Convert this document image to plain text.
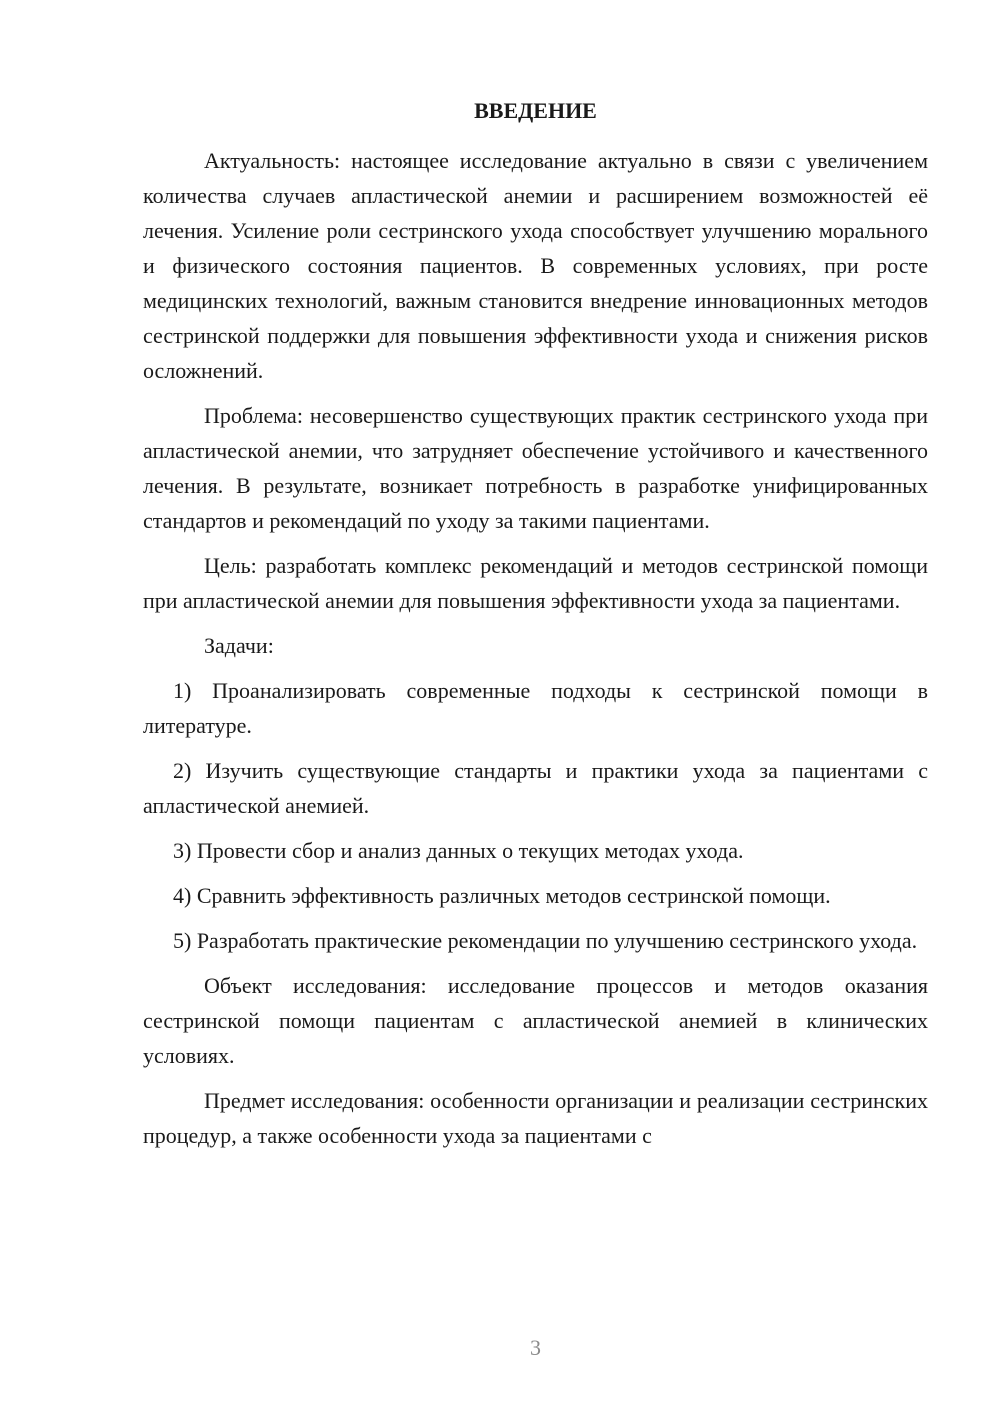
ВВЕДЕНИЕ

Актуальность: настоящее исследование актуально в связи с увеличением количества случаев апластической анемии и расширением возможностей её лечения. Усиление роли сестринского ухода способствует улучшению морального и физического состояния пациентов. В современных условиях, при росте медицинских технологий, важным становится внедрение инновационных методов сестринской поддержки для повышения эффективности ухода и снижения рисков осложнений.

Проблема: несовершенство существующих практик сестринского ухода при апластической анемии, что затрудняет обеспечение устойчивого и качественного лечения. В результате, возникает потребность в разработке унифицированных стандартов и рекомендаций по уходу за такими пациентами.

Цель: разработать комплекс рекомендаций и методов сестринской помощи при апластической анемии для повышения эффективности ухода за пациентами.

Задачи:

1) Проанализировать современные подходы к сестринской помощи в литературе.

2) Изучить существующие стандарты и практики ухода за пациентами с апластической анемией.

3) Провести сбор и анализ данных о текущих методах ухода.

4) Сравнить эффективность различных методов сестринской помощи.

5) Разработать практические рекомендации по улучшению сестринского ухода.

Объект исследования: исследование процессов и методов оказания сестринской помощи пациентам с апластической анемией в клинических условиях.

Предмет исследования: особенности организации и реализации сестринских процедур, а также особенности ухода за пациентами с

3
